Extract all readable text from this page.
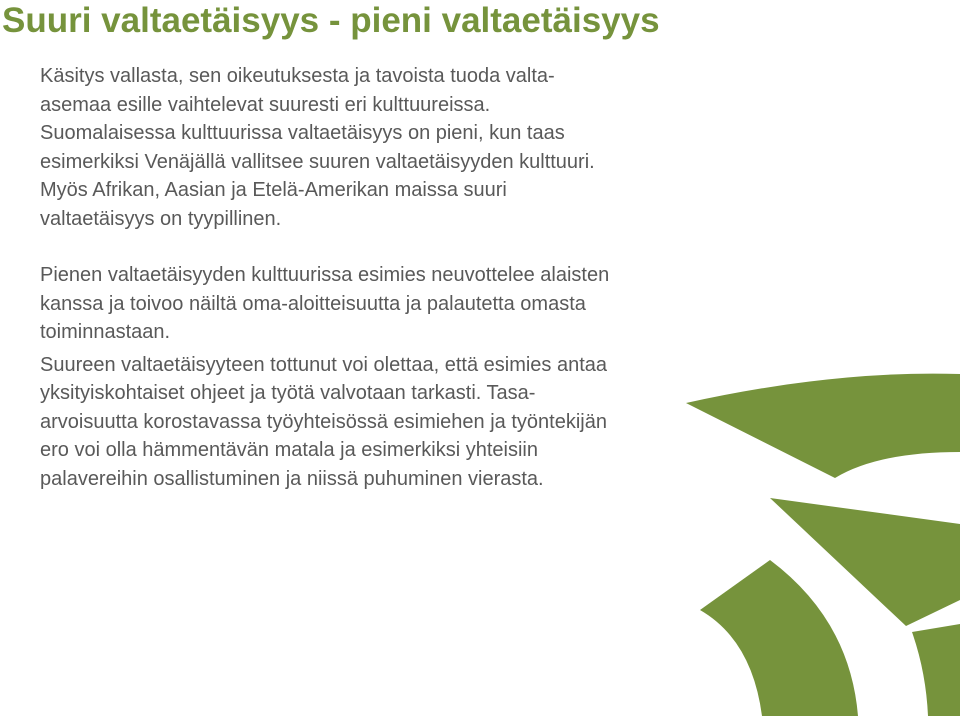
Suuri valtaetäisyys - pieni valtaetäisyys

Käsitys vallasta, sen oikeutuksesta ja tavoista tuoda valta-
asemaa esille vaihtelevat suuresti eri kulttuureissa.

Suomalaisessa kulttuurissa valtaetäisyys on pieni, kun taas
esimerkiksi Venäjällä vallitsee suuren valtaetäisyyden kulttuuri.
Myös Afrikan, Aasian ja Etelä-Amerikan maissa suuri
valtaetäisyys on tyypillinen.

Pienen valtaetäisyyden kulttuurissa esimies neuvottelee alaisten
kanssa ja toivoo näiltä oma-aloitteisuutta ja palautetta omasta
toiminnastaan.

Suureen valtaetäisyyteen tottunut voi olettaa, että esimies antaa
yksityiskohtaiset ohjeet ja työtä valvotaan tarkasti. Tasa-
arvoisuutta korostavassa työyhteisössä esimiehen ja työntekijän
ero voi olla hämmentävän matala ja esimerkiksi yhteisiin
palavereihin osallistuminen ja niissä puhuminen vierasta.
